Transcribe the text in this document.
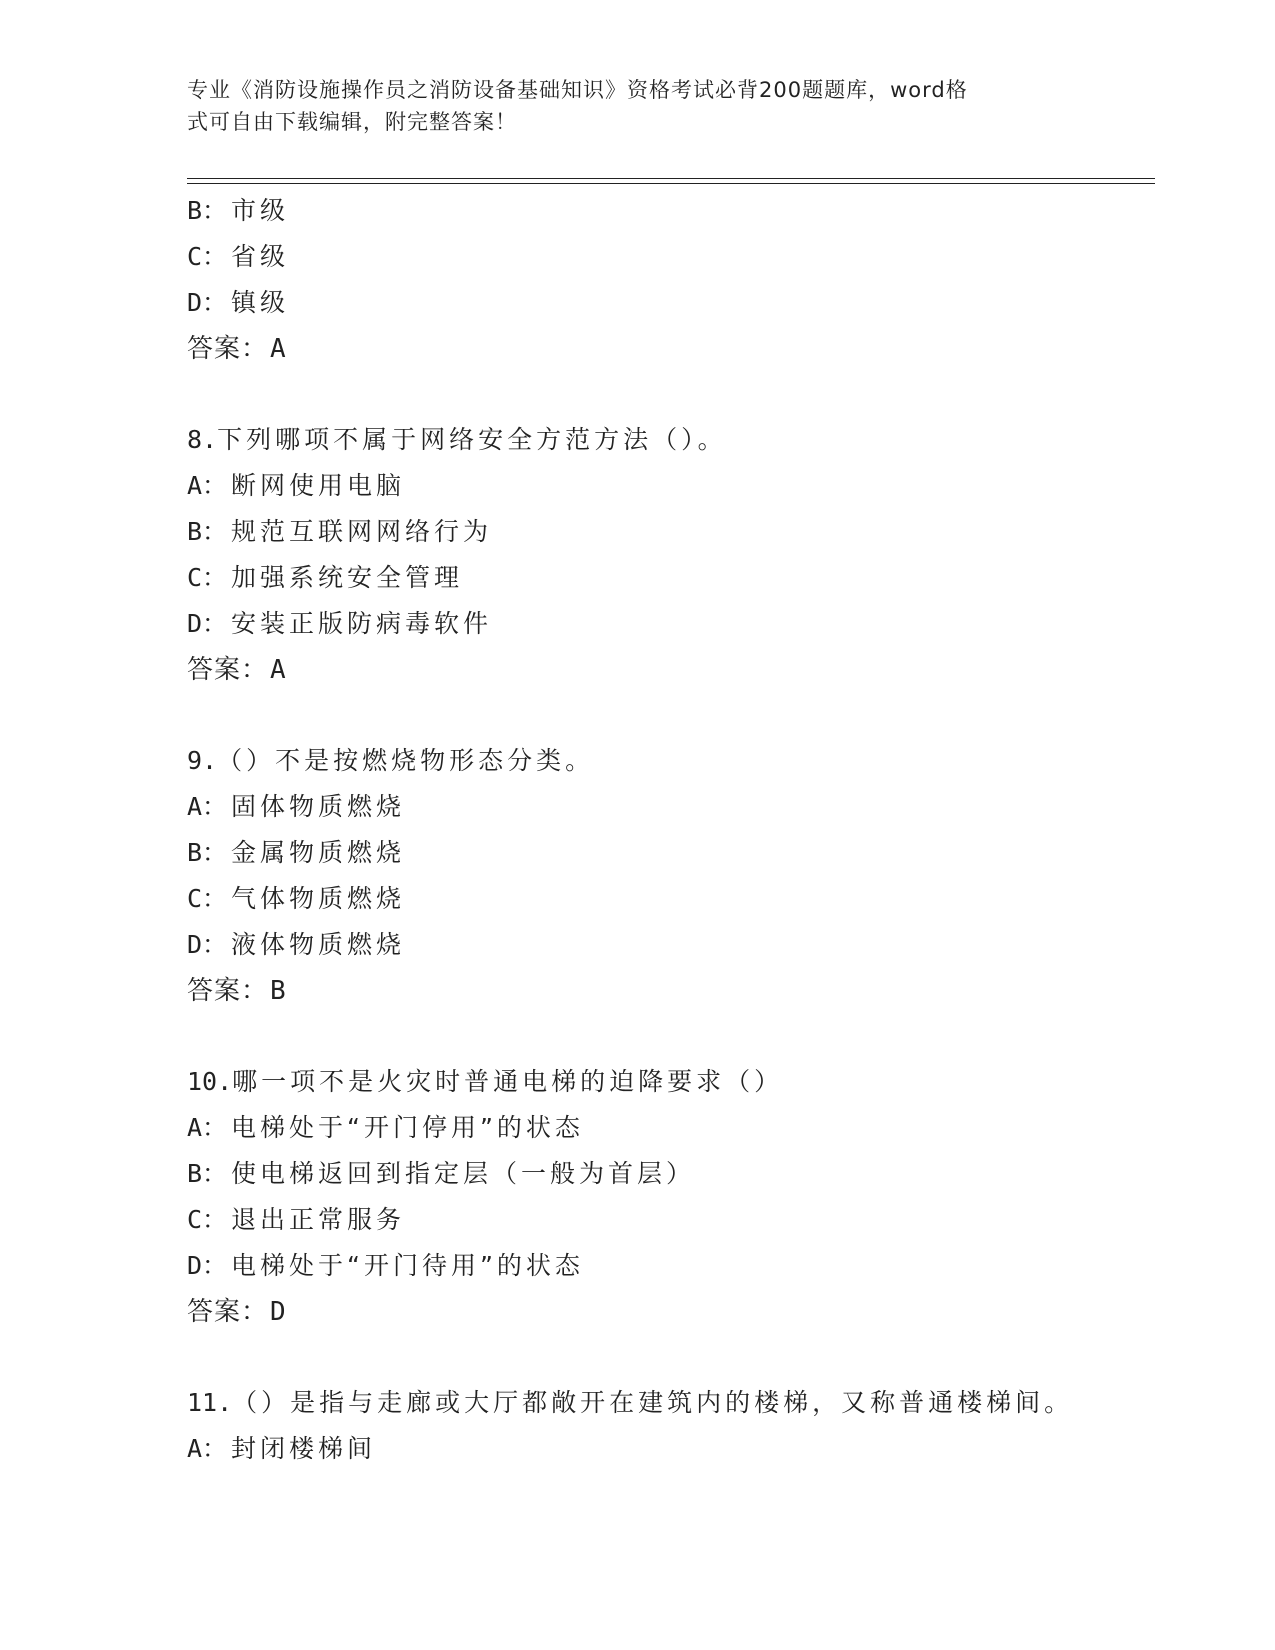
专业《消防设施操作员之消防设备基础知识》资格考试必背200题题库，word格
式可自由下载编辑，附完整答案！
B： 市级
C： 省级
D： 镇级
答案：A
8.下列哪项不属于网络安全方范方法（）。
A： 断网使用电脑
B： 规范互联网网络行为
C： 加强系统安全管理
D： 安装正版防病毒软件
答案：A
9.（）不是按燃烧物形态分类。
A： 固体物质燃烧
B： 金属物质燃烧
C： 气体物质燃烧
D： 液体物质燃烧
答案：B
10.哪一项不是火灾时普通电梯的迫降要求（）
A： 电梯处于“开门停用”的状态
B： 使电梯返回到指定层（一般为首层）
C： 退出正常服务
D： 电梯处于“开门待用”的状态
答案：D
11.（）是指与走廊或大厅都敞开在建筑内的楼梯，又称普通楼梯间。
A： 封闭楼梯间
